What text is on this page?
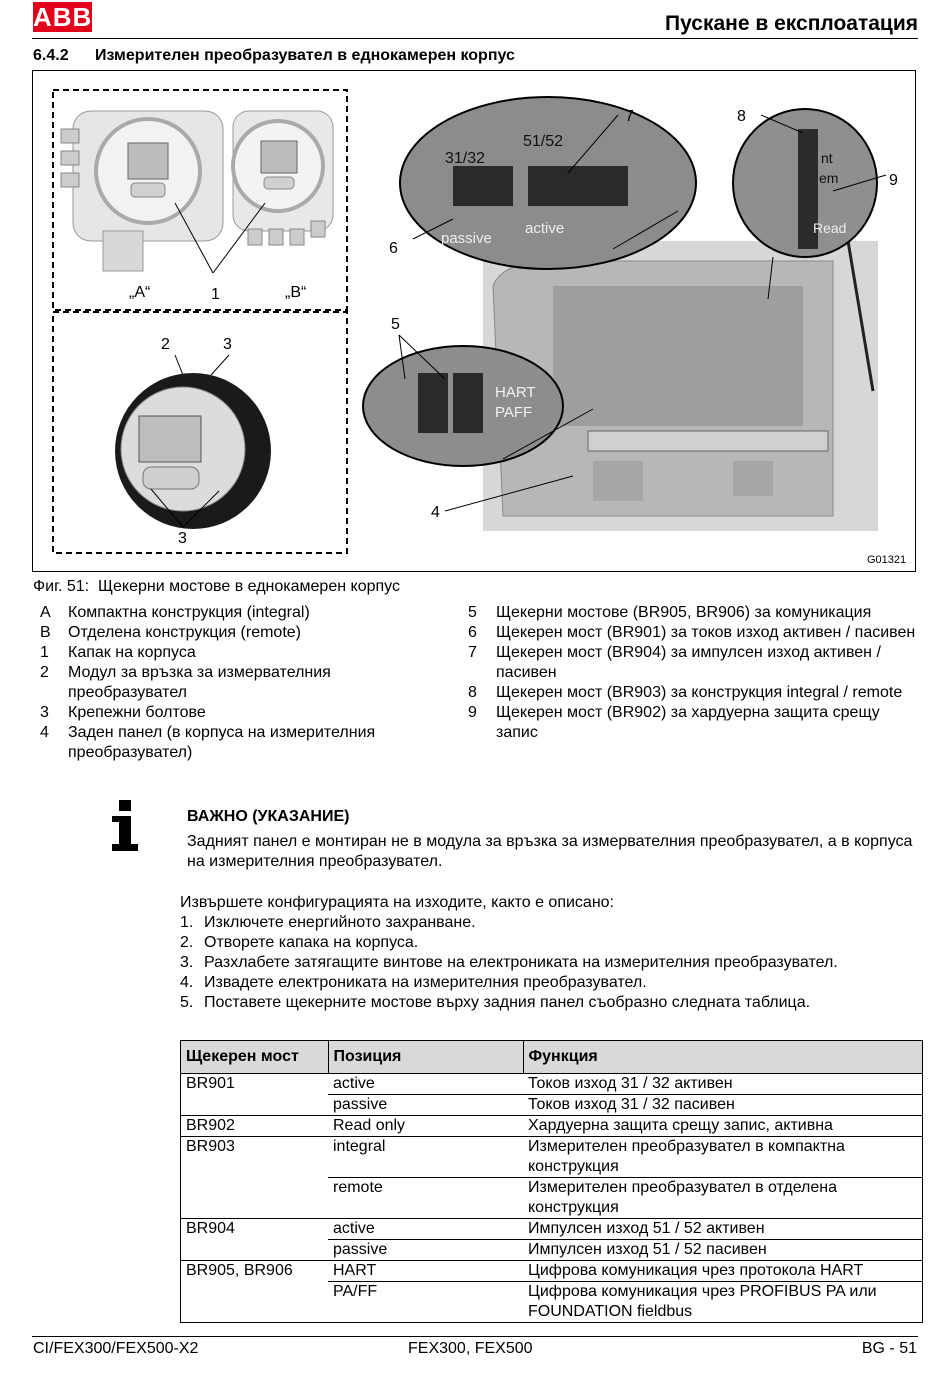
ABB	Пускане в експлоатация
6.4.2 Измерителен преобразувател в еднокамерен корпус
„A“	1	„B“
2	3
3
31/32
51/52
passive
active
7
6
nt
em
Read
8
9
HART
PAFF
5
4
G01321
Фиг. 51: Щекерни мостове в еднокамерен корпус
A	Компактна конструкция (integral)
B	Отделена конструкция (remote)
1	Капак на корпуса
2	Модул за връзка за измервателния преобразувател
3	Крепежни болтове
4	Заден панел (в корпуса на измерителния преобразувател)
5	Щекерни мостове (BR905, BR906) за комуникация
6	Щекерен мост (BR901) за токов изход активен / пасивен
7	Щекерен мост (BR904) за импулсен изход активен / пасивен
8	Щекерен мост (BR903) за конструкция integral / remote
9	Щекерен мост (BR902) за хардуерна защита срещу запис
ВАЖНО (УКАЗАНИЕ)
Задният панел е монтиран не в модула за връзка за измервателния преобразувател, а в корпуса на измерителния преобразувател.
Извършете конфигурацията на изходите, както е описано:
1. Изключете енергийното захранване.
2. Отворете капака на корпуса.
3. Разхлабете затягащите винтове на електрониката на измерителния преобразувател.
4. Извадете електрониката на измерителния преобразувател.
5. Поставете щекерните мостове върху задния панел съобразно следната таблица.
Щекерен мост	Позиция	Функция
BR901	active	Токов изход 31 / 32 активен
	passive	Токов изход 31 / 32 пасивен
BR902	Read only	Хардуерна защита срещу запис, активна
BR903	integral	Измерителен преобразувател в компактна конструкция
	remote	Измерителен преобразувател в отделена конструкция
BR904	active	Импулсен изход 51 / 52 активен
	passive	Импулсен изход 51 / 52 пасивен
BR905, BR906	HART	Цифрова комуникация чрез протокола HART
	PA/FF	Цифрова комуникация чрез PROFIBUS PA или FOUNDATION fieldbus
CI/FEX300/FEX500-X2	FEX300, FEX500	BG - 51
